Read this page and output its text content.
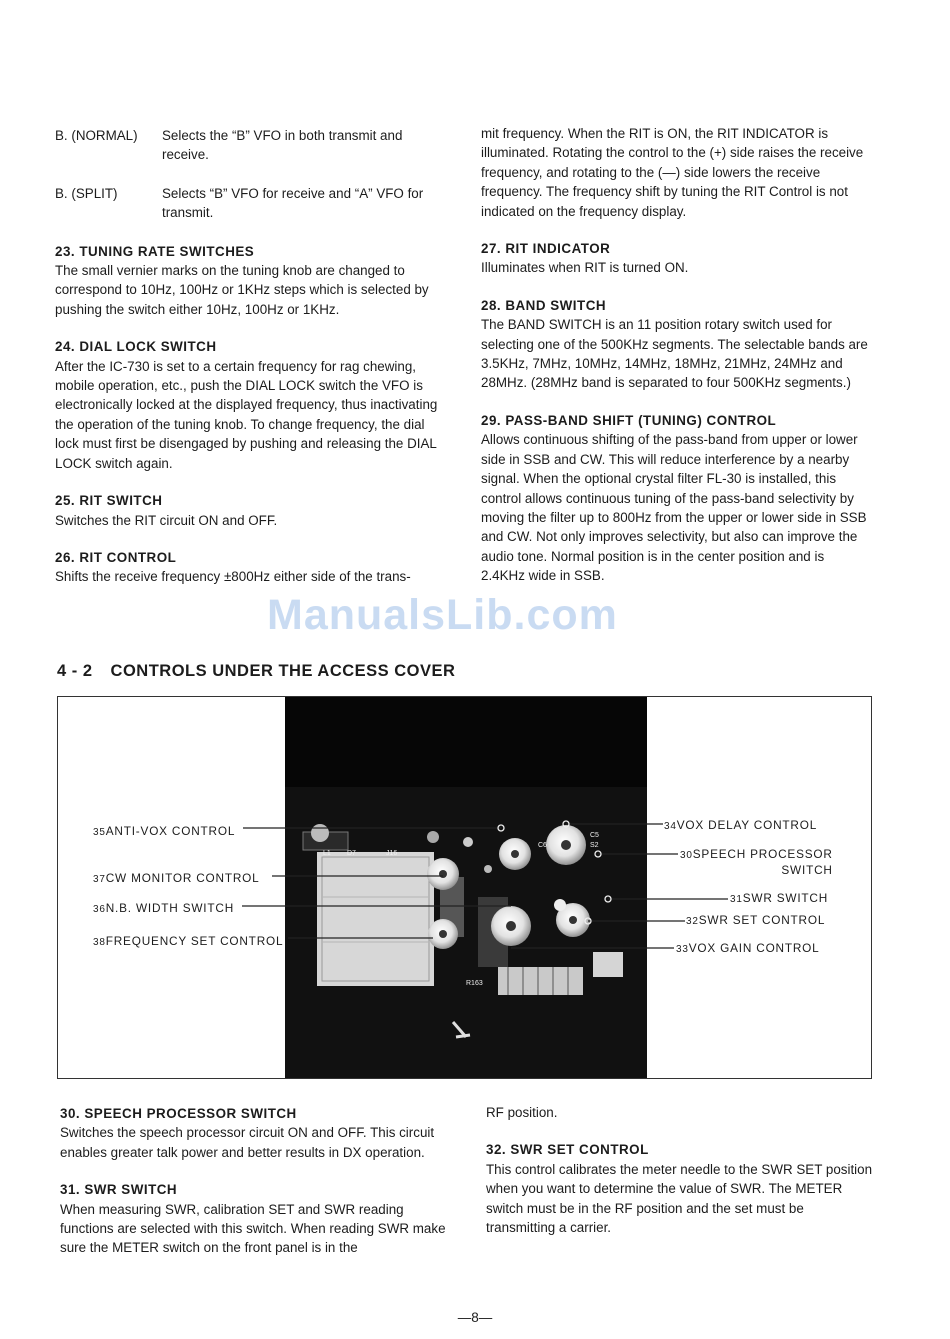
B. (NORMAL)	Selects the “B” VFO in both transmit and receive.
B. (SPLIT)	Selects “B” VFO for receive and “A” VFO for transmit.

23. TUNING RATE SWITCHES

The small vernier marks on the tuning knob are changed to correspond to 10Hz, 100Hz or 1KHz steps which is selected by pushing the switch either 10Hz, 100Hz or 1KHz.

24. DIAL LOCK SWITCH

After the IC-730 is set to a certain frequency for rag chewing, mobile operation, etc., push the DIAL LOCK switch the VFO is electronically locked at the displayed frequency, thus inactivating the operation of the tuning knob. To change frequency, the dial lock must first be disengaged by pushing and releasing the DIAL LOCK switch again.

25. RIT SWITCH

Switches the RIT circuit ON and OFF.

26. RIT CONTROL

Shifts the receive frequency ±800Hz either side of the trans-

mit frequency. When the RIT is ON, the RIT INDICATOR is illuminated. Rotating the control to the (+) side raises the receive frequency, and rotating to the (—) side lowers the receive frequency. The frequency shift by tuning the RIT Control is not indicated on the frequency display.

27. RIT INDICATOR

Illuminates when RIT is turned ON.

28. BAND SWITCH

The BAND SWITCH is an 11 position rotary switch used for selecting one of the 500KHz segments. The selectable bands are 3.5KHz, 7MHz, 10MHz, 14MHz, 18MHz, 21MHz, 24MHz and 28MHz. (28MHz band is separated to four 500KHz segments.)

29. PASS-BAND SHIFT (TUNING) CONTROL

Allows continuous shifting of the pass-band from upper or lower side in SSB and CW. This will reduce interference by a nearby signal. When the optional crystal filter FL-30 is installed, this control allows continuous tuning of the pass-band selectivity by moving the filter up to 800Hz from the upper or lower side in SSB and CW. Not only improves selectivity, but also can improve the audio tone. Normal position is in the center position and is 2.4KHz wide in SSB.

ManualsLib.com
4 - 2 CONTROLS UNDER THE ACCESS COVER
L1 D7	J16
C5
C6	S2
R163
35ANTI-VOX CONTROL
37CW MONITOR CONTROL
36N.B. WIDTH SWITCH
38FREQUENCY SET CONTROL
34VOX DELAY CONTROL
30SPEECH PROCESSOR
SWITCH
31SWR SWITCH
32SWR SET CONTROL
33VOX GAIN CONTROL

30. SPEECH PROCESSOR SWITCH

Switches the speech processor circuit ON and OFF. This circuit enables greater talk power and better results in DX operation.

31. SWR SWITCH

When measuring SWR, calibration SET and SWR reading functions are selected with this switch. When reading SWR make sure the METER switch on the front panel is in the

RF position.

32. SWR SET CONTROL

This control calibrates the meter needle to the SWR SET position when you want to determine the value of SWR. The METER switch must be in the RF position and the set must be transmitting a carrier.

—8—
